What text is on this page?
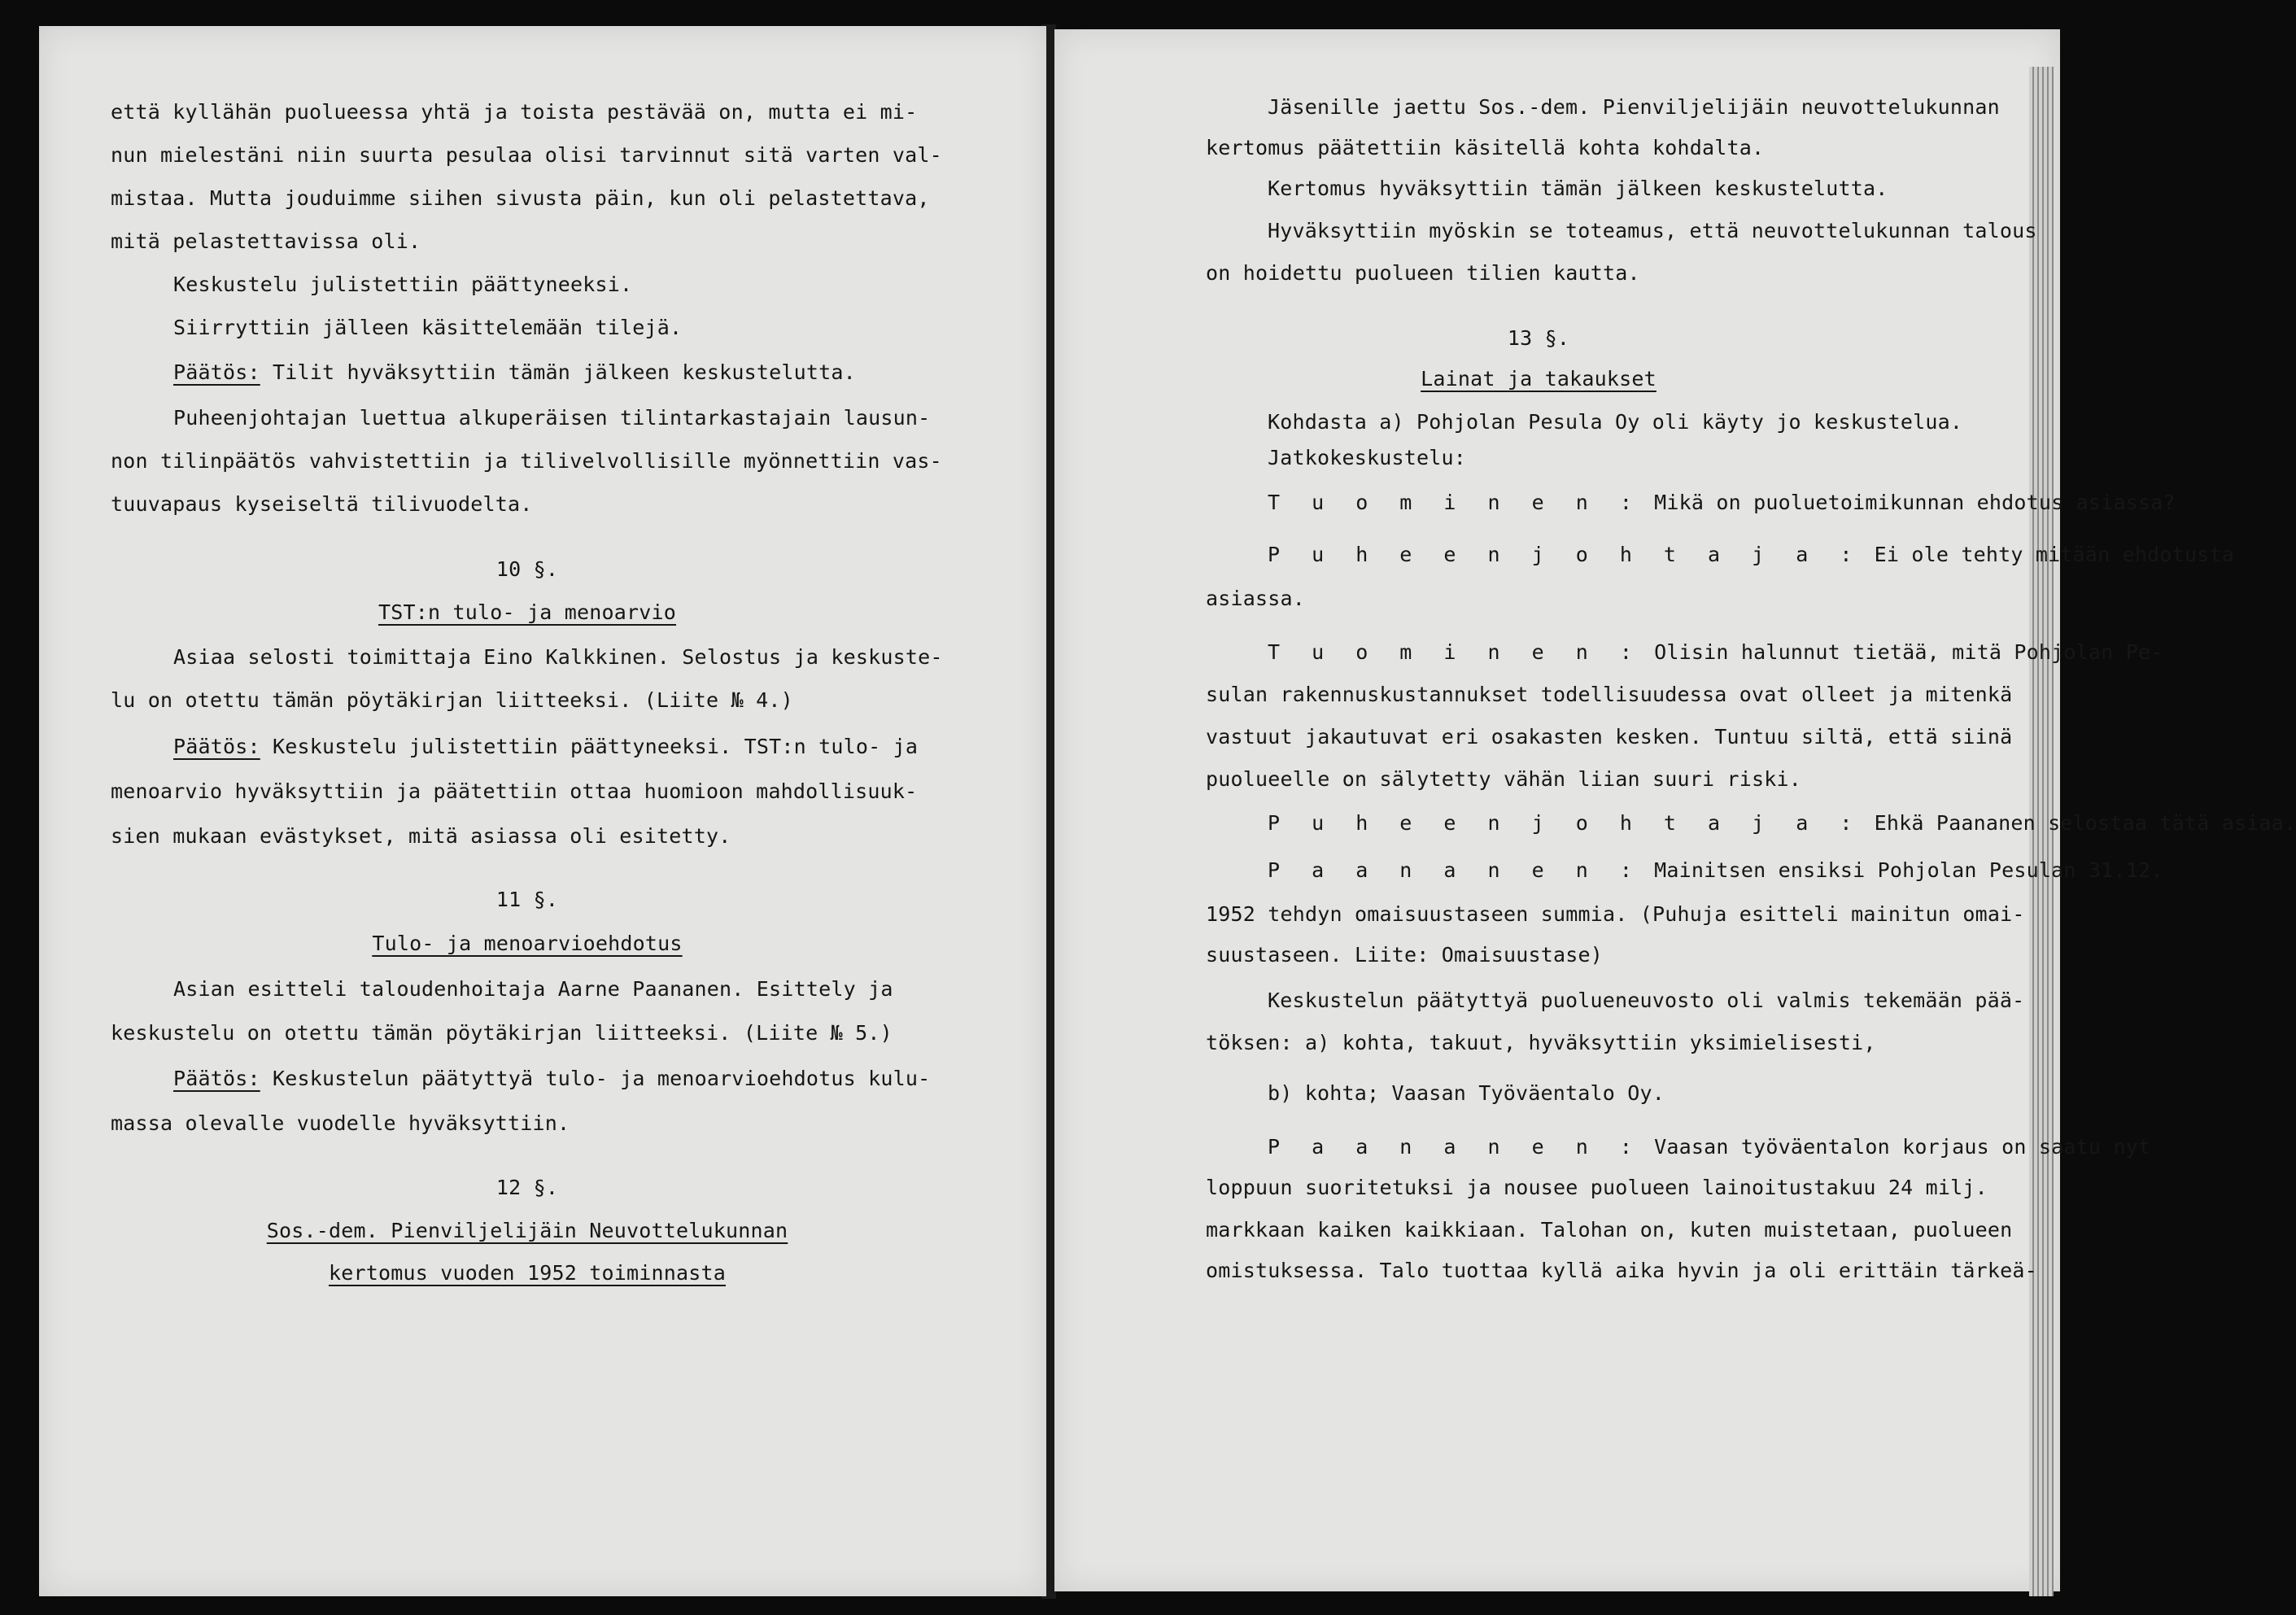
että kyllähän puolueessa yhtä ja toista pestävää on, mutta ei mi-

nun mielestäni niin suurta pesulaa olisi tarvinnut sitä varten val-

mistaa. Mutta jouduimme siihen sivusta päin, kun oli pelastettava,

mitä pelastettavissa oli.

Keskustelu julistettiin päättyneeksi.

Siirryttiin jälleen käsittelemään tilejä.

Päätös: Tilit hyväksyttiin tämän jälkeen keskustelutta.

Puheenjohtajan luettua alkuperäisen tilintarkastajain lausun-

non tilinpäätös vahvistettiin ja tilivelvollisille myönnettiin vas-

tuuvapaus kyseiseltä tilivuodelta.

10 §.

TST:n tulo- ja menoarvio

Asiaa selosti toimittaja Eino Kalkkinen. Selostus ja keskuste-

lu on otettu tämän pöytäkirjan liitteeksi. (Liite № 4.)

Päätös: Keskustelu julistettiin päättyneeksi. TST:n tulo- ja

menoarvio hyväksyttiin ja päätettiin ottaa huomioon mahdollisuuk-

sien mukaan evästykset, mitä asiassa oli esitetty.

11 §.

Tulo- ja menoarvioehdotus

Asian esitteli taloudenhoitaja Aarne Paananen. Esittely ja

keskustelu on otettu tämän pöytäkirjan liitteeksi. (Liite № 5.)

Päätös: Keskustelun päätyttyä tulo- ja menoarvioehdotus kulu-

massa olevalle vuodelle hyväksyttiin.

12 §.

Sos.-dem. Pienviljelijäin Neuvottelukunnan

kertomus vuoden 1952 toiminnasta

Jäsenille jaettu Sos.-dem. Pienviljelijäin neuvottelukunnan

kertomus päätettiin käsitellä kohta kohdalta.

Kertomus hyväksyttiin tämän jälkeen keskustelutta.

Hyväksyttiin myöskin se toteamus, että neuvottelukunnan talous

on hoidettu puolueen tilien kautta.

13 §.

Lainat ja takaukset

Kohdasta a) Pohjolan Pesula Oy oli käyty jo keskustelua.

Jatkokeskustelu:

T u o m i n e n : Mikä on puoluetoimikunnan ehdotus asiassa?

P u h e e n j o h t a j a : Ei ole tehty mitään ehdotusta

asiassa.

T u o m i n e n : Olisin halunnut tietää, mitä Pohjolan Pe-

sulan rakennuskustannukset todellisuudessa ovat olleet ja mitenkä

vastuut jakautuvat eri osakasten kesken. Tuntuu siltä, että siinä

puolueelle on sälytetty vähän liian suuri riski.

P u h e e n j o h t a j a : Ehkä Paananen selostaa tätä asiaa.

P a a n a n e n : Mainitsen ensiksi Pohjolan Pesulan 31.12.

1952 tehdyn omaisuustaseen summia. (Puhuja esitteli mainitun omai-

suustaseen. Liite: Omaisuustase)

Keskustelun päätyttyä puolueneuvosto oli valmis tekemään pää-

töksen: a) kohta, takuut, hyväksyttiin yksimielisesti,

b) kohta; Vaasan Työväentalo Oy.

P a a n a n e n : Vaasan työväentalon korjaus on saatu nyt

loppuun suoritetuksi ja nousee puolueen lainoitustakuu 24 milj.

markkaan kaiken kaikkiaan. Talohan on, kuten muistetaan, puolueen

omistuksessa. Talo tuottaa kyllä aika hyvin ja oli erittäin tärkeä-
